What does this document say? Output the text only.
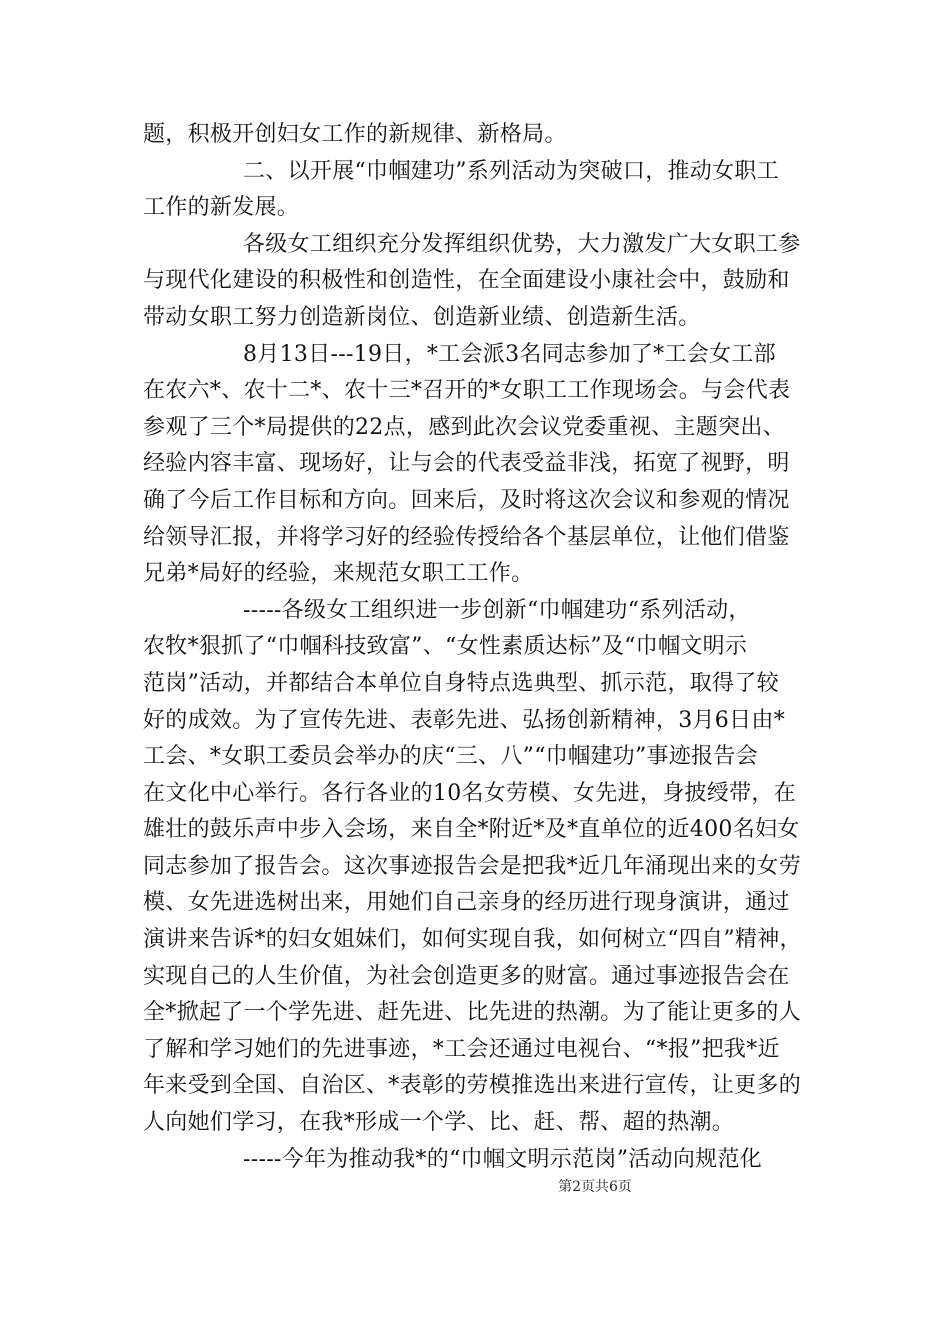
题，积极开创妇女工作的新规律、新格局。
二、以开展“巾帼建功”系列活动为突破口，推动女职工
工作的新发展。
各级女工组织充分发挥组织优势，大力激发广大女职工参
与现代化建设的积极性和创造性，在全面建设小康社会中，鼓励和
带动女职工努力创造新岗位、创造新业绩、创造新生活。
8月13日---19日，*工会派3名同志参加了*工会女工部
在农六*、农十二*、农十三*召开的*女职工工作现场会。与会代表
参观了三个*局提供的22点，感到此次会议党委重视、主题突出、
经验内容丰富、现场好，让与会的代表受益非浅，拓宽了视野，明
确了今后工作目标和方向。回来后，及时将这次会议和参观的情况
给领导汇报，并将学习好的经验传授给各个基层单位，让他们借鉴
兄弟*局好的经验，来规范女职工工作。
-----各级女工组织进一步创新“巾帼建功“系列活动，
农牧*狠抓了“巾帼科技致富”、“女性素质达标”及“巾帼文明示
范岗”活动，并都结合本单位自身特点选典型、抓示范，取得了较
好的成效。为了宣传先进、表彰先进、弘扬创新精神，3月6日由*
工会、*女职工委员会举办的庆“三、八”“巾帼建功”事迹报告会
在文化中心举行。各行各业的10名女劳模、女先进，身披绶带，在
雄壮的鼓乐声中步入会场，来自全*附近*及*直单位的近400名妇女
同志参加了报告会。这次事迹报告会是把我*近几年涌现出来的女劳
模、女先进选树出来，用她们自己亲身的经历进行现身演讲，通过
演讲来告诉*的妇女姐妹们，如何实现自我，如何树立“四自”精神，
实现自己的人生价值，为社会创造更多的财富。通过事迹报告会在
全*掀起了一个学先进、赶先进、比先进的热潮。为了能让更多的人
了解和学习她们的先进事迹，*工会还通过电视台、“*报”把我*近
年来受到全国、自治区、*表彰的劳模推选出来进行宣传，让更多的
人向她们学习，在我*形成一个学、比、赶、帮、超的热潮。
-----今年为推动我*的“巾帼文明示范岗”活动向规范化
第2页共6页
